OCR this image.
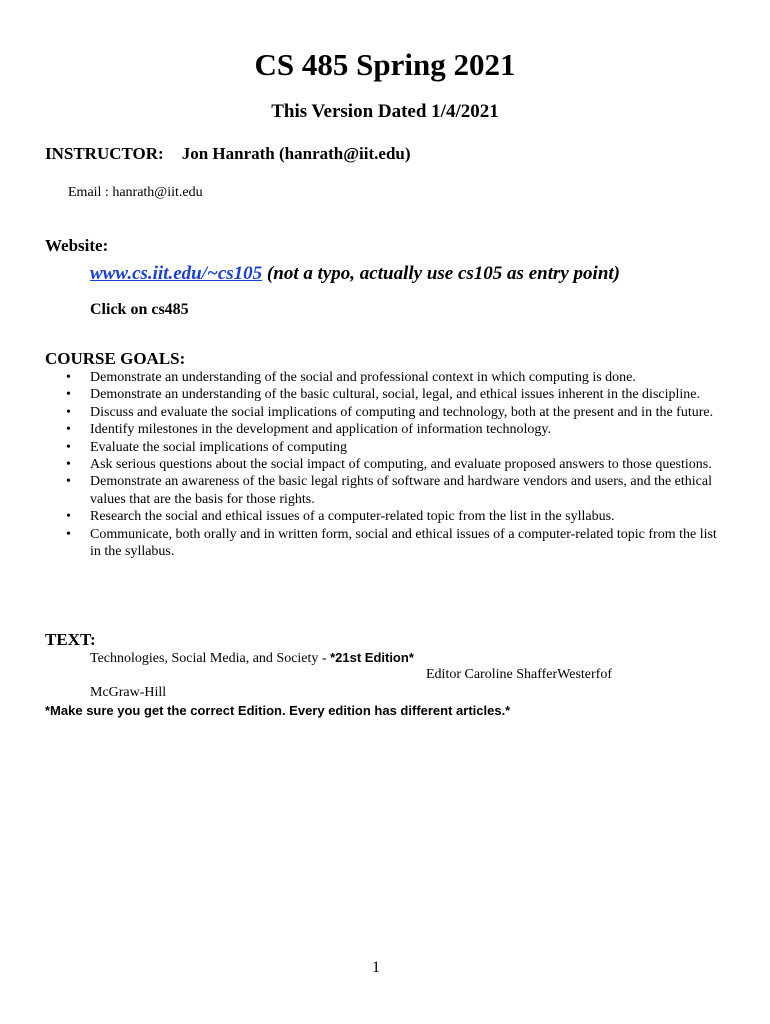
CS 485 Spring 2021
This Version Dated 1/4/2021
INSTRUCTOR: Jon Hanrath (hanrath@iit.edu)
Email : hanrath@iit.edu
Website:
www.cs.iit.edu/~cs105 (not a typo, actually use cs105 as entry point)
Click on cs485
COURSE GOALS:
• Demonstrate an understanding of the social and professional context in which computing is done.
• Demonstrate an understanding of the basic cultural, social, legal, and ethical issues inherent in the discipline.
• Discuss and evaluate the social implications of computing and technology, both at the present and in the future.
• Identify milestones in the development and application of information technology.
• Evaluate the social implications of computing
• Ask serious questions about the social impact of computing, and evaluate proposed answers to those questions.
• Demonstrate an awareness of the basic legal rights of software and hardware vendors and users, and the ethical values that are the basis for those rights.
• Research the social and ethical issues of a computer-related topic from the list in the syllabus.
• Communicate, both orally and in written form, social and ethical issues of a computer-related topic from the list in the syllabus.
TEXT:
Technologies, Social Media, and Society - *21st Edition*
Editor Caroline ShafferWesterfof
McGraw-Hill
*Make sure you get the correct Edition. Every edition has different articles.*
1
